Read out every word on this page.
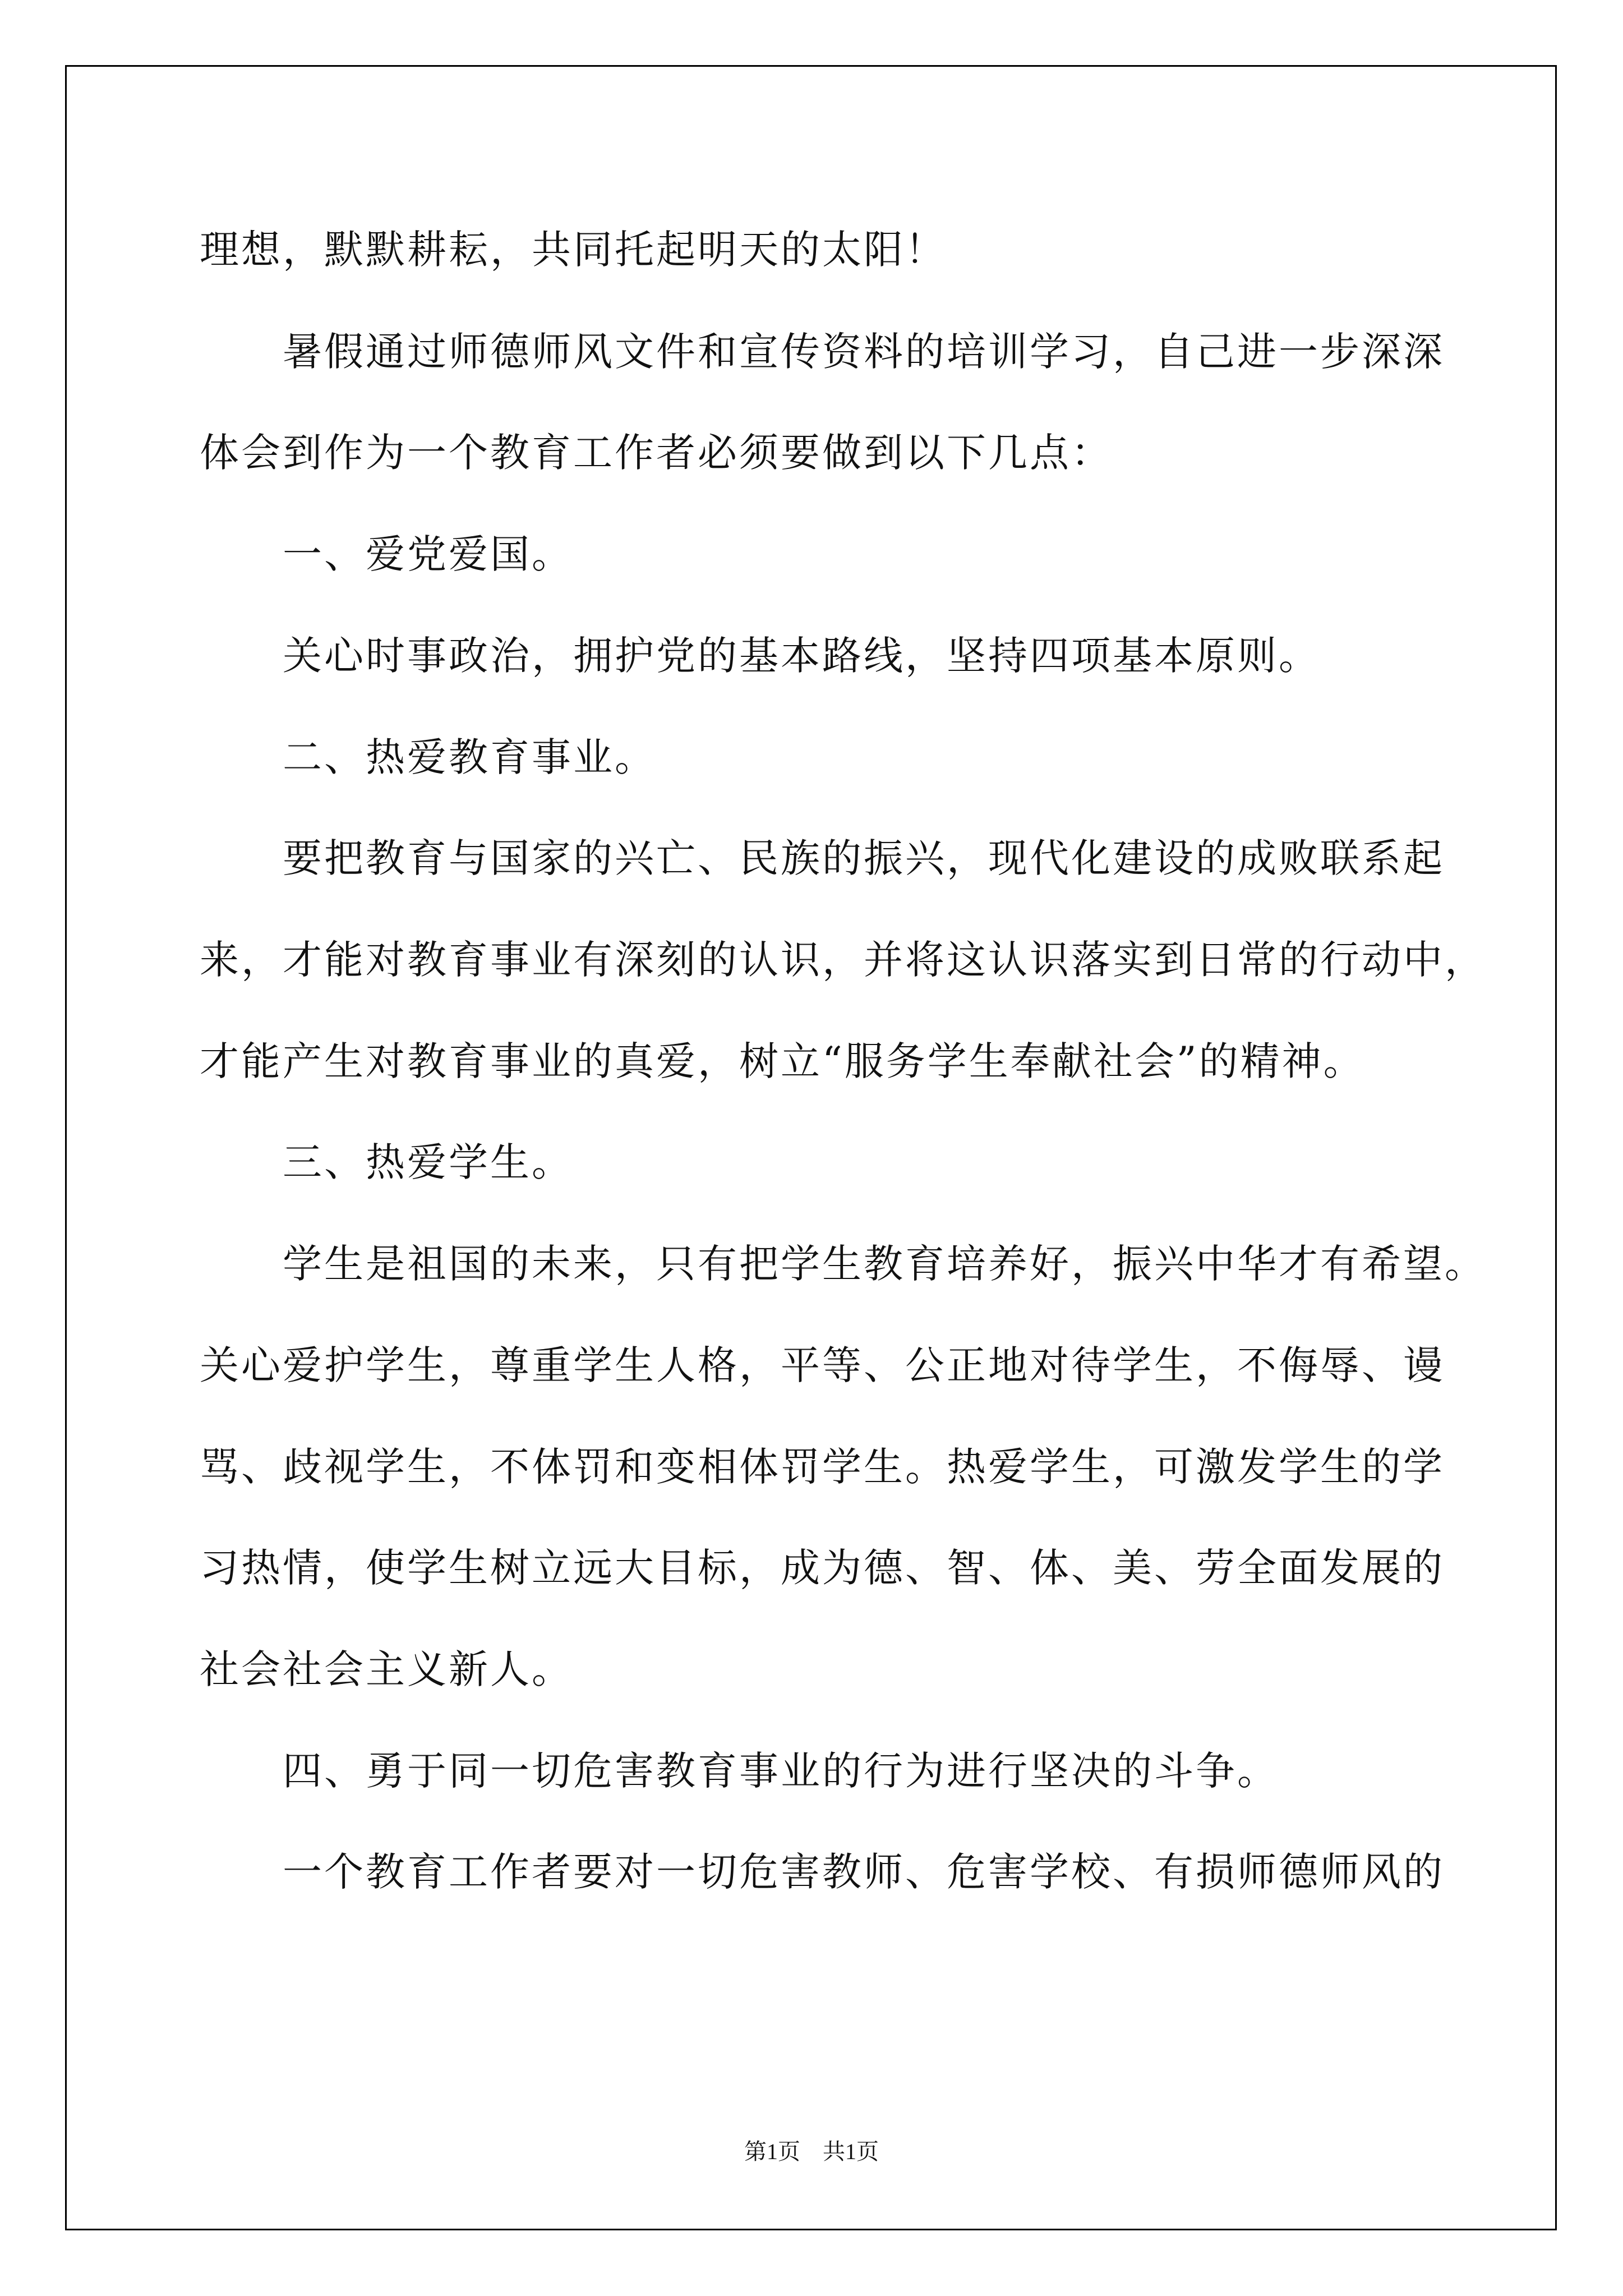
理想，默默耕耘，共同托起明天的太阳！

暑假通过师德师风文件和宣传资料的培训学习，自己进一步深深

体会到作为一个教育工作者必须要做到以下几点：

一、爱党爱国。

关心时事政治，拥护党的基本路线，坚持四项基本原则。

二、热爱教育事业。

要把教育与国家的兴亡、民族的振兴，现代化建设的成败联系起

来，才能对教育事业有深刻的认识，并将这认识落实到日常的行动中，

才能产生对教育事业的真爱，树立“服务学生奉献社会”的精神。

三、热爱学生。

学生是祖国的未来，只有把学生教育培养好，振兴中华才有希望。

关心爱护学生，尊重学生人格，平等、公正地对待学生，不侮辱、谩

骂、歧视学生，不体罚和变相体罚学生。热爱学生，可激发学生的学

习热情，使学生树立远大目标，成为德、智、体、美、劳全面发展的

社会社会主义新人。

四、勇于同一切危害教育事业的行为进行坚决的斗争。

一个教育工作者要对一切危害教师、危害学校、有损师德师风的

第1页　共1页
